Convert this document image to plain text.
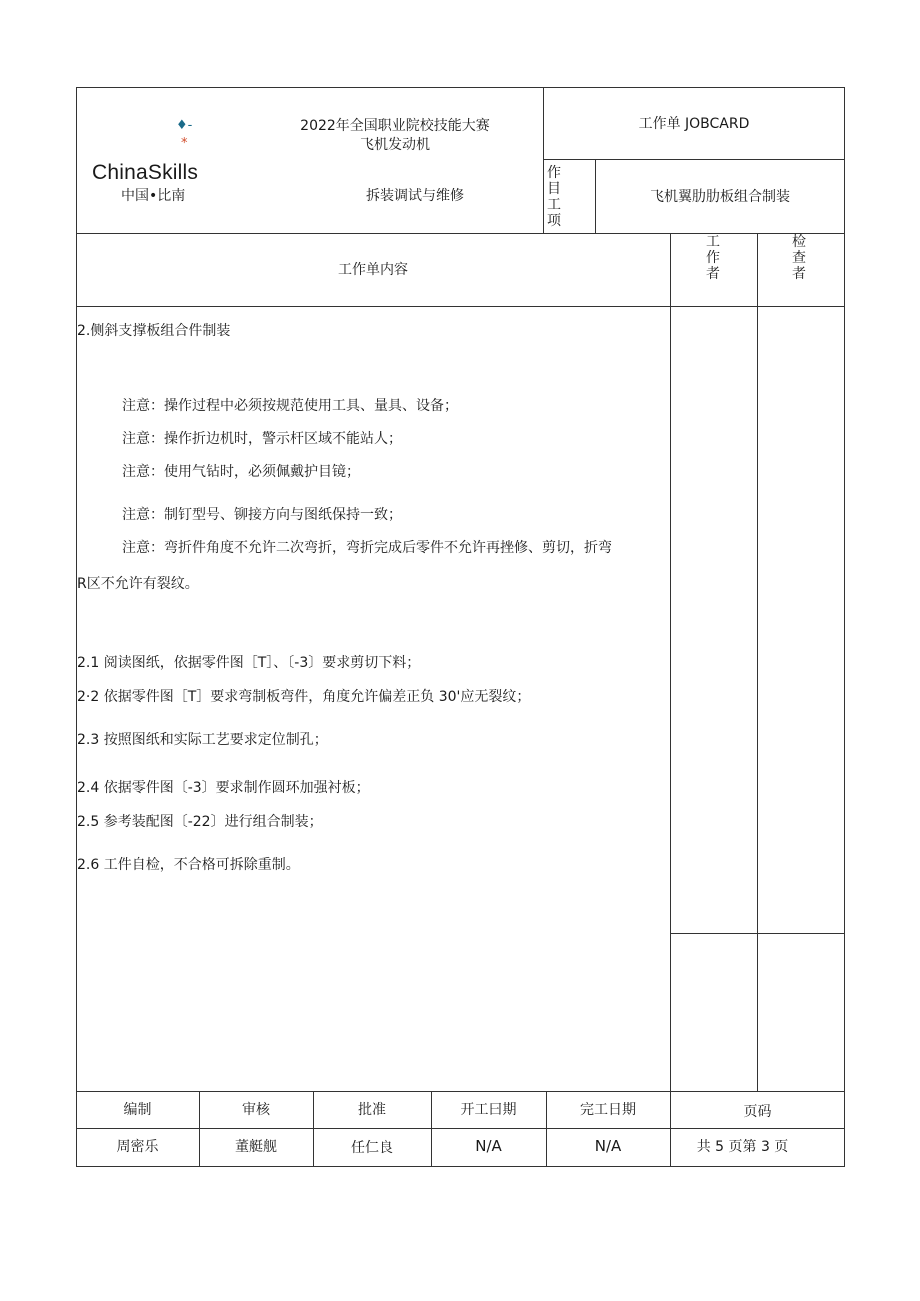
♦-
*
ChinaSkills
中国•比南
2022年全国职业院校技能大赛
飞机发动机
拆装调试与维修
工作单 JOBCARD
作
目
工
项
飞机翼肋肋板组合制装
工作单内容
工
作
者
检
查
者
2.侧斜支撑板组合件制装
注意：操作过程中必须按规范使用工具、量具、设备；
注意：操作折边机时，警示杆区域不能站人；
注意：使用气钻时，必须佩戴护目镜；
注意：制钉型号、铆接方向与图纸保持一致；
注意：弯折件角度不允许二次弯折，弯折完成后零件不允许再挫修、剪切，折弯
R区不允许有裂纹。
2.1 阅读图纸，依据零件图［T］、〔-3〕要求剪切下料；
2·2 依据零件图［T］要求弯制板弯件，角度允许偏差正负 30'应无裂纹；
2.3 按照图纸和实际工艺要求定位制孔；
2.4 依据零件图〔-3〕要求制作圆环加强衬板；
2.5 参考装配图〔-22〕进行组合制装；
2.6 工件自检，不合格可拆除重制。
编制	审核	批准	开工曰期	完工日期	页码
周密乐	董艇舰	任仁良	N/A	N/A	共 5 页第 3 页
